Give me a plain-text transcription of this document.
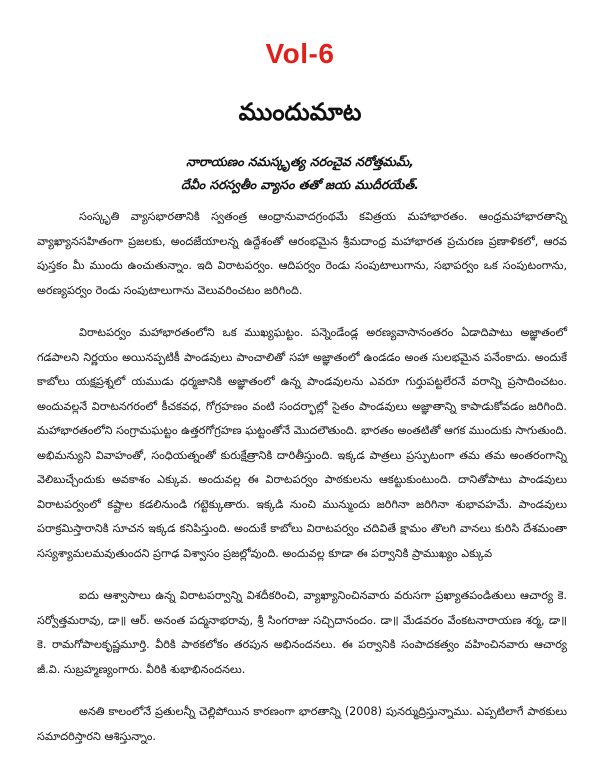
Vol-6
ముందుమాట
నారాయణం నమస్కృత్య నరంచైవ నరోత్తమమ్,
దేవీం సరస్వతీం వ్యాసం తతో జయ ముదీరయేత్.

సంస్కృతి వ్యాసభారతానికి స్వతంత్ర ఆంధ్రానువాదగ్రంథమే కవిత్రయ మహాభారతం. ఆంధ్రమహాభారతాన్ని వ్యాఖ్యానసహితంగా ప్రజలకు, అందజేయాలన్న ఉద్దేశంతో ఆరంభమైన శ్రీమదాంధ్ర మహాభారత ప్రచురణ ప్రణాళికలో, ఆరవ పుస్తకం మీ ముందు ఉంచుతున్నాం. ఇది విరాటపర్వం. ఆదిపర్వం రెండు సంపుటాలుగాను, సభాపర్వం ఒక సంపుటంగాను, అరణ్యపర్వం రెండు సంపుటాలుగాను వెలువరించటం జరిగింది.

విరాటపర్వం మహాభారతంలోని ఒక ముఖ్యఘట్టం. పన్నెండేండ్ల అరణ్యవాసానంతరం ఏడాదిపాటు అజ్ఞాతంలో గడపాలని నిర్ణయం అయినప్పటికీ పాండవులు పాంచాలితో సహా అజ్ఞాతంలో ఉండడం అంత సులభమైన పనేంకాదు. అందుకే కాబోలు యక్షప్రశ్నలో యముడు ధర్మజానికి అజ్ఞాతంలో ఉన్న పాండవులను ఎవరూ గుర్తుపట్టలేరనే వరాన్ని ప్రసాదించటం. అందువల్లనే విరాటనగరంలో కీచకవధ, గోగ్రహణం వంటి సందర్భాల్లో సైతం పాండవులు అజ్ఞాతాన్ని కాపాడుకోవడం జరిగింది. మహాభారతంలోని సంగ్రామఘట్టం ఉత్తరగోగ్రహణ ఘట్టంతోనే మొదలౌతుంది. భారతం అంతటితో ఆగక ముందుకు సాగుతుంది. అభిమన్యుని వివాహంతో, సంధియత్నంతో కురుక్షేత్రానికి దారితీస్తుంది. ఇక్కడ పాత్రలు ప్రస్ఫుటంగా తమ తమ అంతరంగాన్ని వెలిబుచ్చేందుకు అవకాశం ఎక్కువ. అందువల్ల ఈ విరాటపర్వం పాఠకులను ఆకట్టుకుంటుంది. దానితోపాటు పాండవులు విరాటపర్వంలో కష్టాల కడలినుండి గట్టెక్కుతారు. ఇక్కడి నుంచి మున్ముందు జరిగినా జరిగినా శుభావహమే. పాండవులు పరాక్రమిస్తారానికి సూచన ఇక్కడ కనిపిస్తుంది. అందుకే కాబోలు విరాటపర్వం చదివితే క్షామం తొలగి వానలు కురిసి దేశమంతా సస్యశ్యామలమవుతుందని ప్రగాఢ విశ్వాసం ప్రజల్లోవుంది. అందువల్ల కూడా ఈ పర్వానికి ప్రాముఖ్యం ఎక్కువ

ఐదు ఆశ్వాసాలు ఉన్న విరాటపర్వాన్ని విశదీకరించి, వ్యాఖ్యానించినవారు వరుసగా ప్రఖ్యాతపండితులు ఆచార్య కె. సర్వోత్తమరావు, డా॥ ఆర్. అనంత పద్మనాభరావు, శ్రీ సింగరాజు సచ్చిదానందం. డా॥ మేడవరం వేంకటనారాయణ శర్మ, డా॥ కె. రామగోపాలకృష్ణమూర్తి. వీరికి పాఠకలోకం తరపున అభినందనలు. ఈ పర్వానికి సంపాదకత్వం వహించినవారు ఆచార్య జీ.వి. సుబ్రహ్మణ్యంగారు. వీరికి శుభాభినందనలు.

అనతి కాలంలోనే ప్రతులన్నీ చెల్లిపోయిన కారణంగా భారతాన్ని (2008) పునర్ముద్రిస్తున్నాము. ఎప్పటిలాగే పాఠకులు సమాదరిస్తారని ఆశిస్తున్నాం.
